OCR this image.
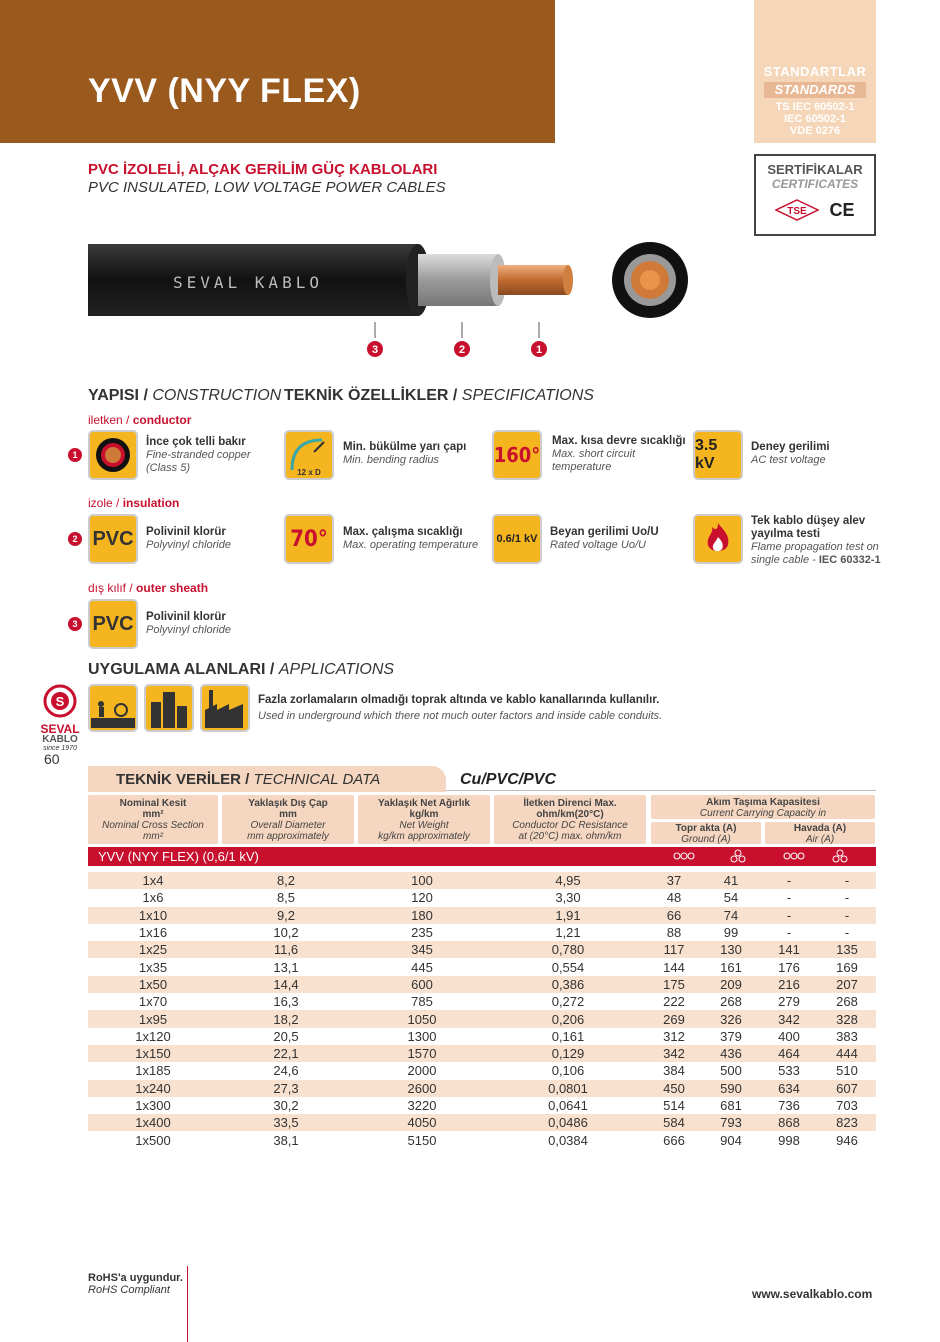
YVV (NYY FLEX)
STANDARTLAR
STANDARDS
TS IEC 60502-1
IEC 60502-1
VDE 0276
SERTİFİKALAR
CERTIFICATES
TSE CE
PVC İZOLELİ, ALÇAK GERİLİM GÜÇ KABLOLARI
PVC INSULATED, LOW VOLTAGE POWER CABLES
SEVAL KABLO
3	2	1
YAPISI / CONSTRUCTION TEKNİK ÖZELLİKLER / SPECIFICATIONS
iletken / conductor
1
İnce çok telli bakır
Fine-stranded copper
(Class 5)
izole / insulation
2 PVC Polivinil klorür
Polyvinyl chloride
dış kılıf / outer sheath
3 PVC Polivinil klorür
Polyvinyl chloride
12 x D
Min. bükülme yarı çapı
Min. bending radius	160°
Max. kısa devre sıcaklığı
Max. short circuit
temperature
3.5 kV
Deney gerilimi
AC test voltage
70° Max. çalışma sıcaklığı
Max. operating temperature 0.6/1 kV
Beyan gerilimi Uo/U
Rated voltage Uo/U
Tek kablo düşey alev
yayılma testi
Flame propagation test on
single cable - IEC 60332-1
UYGULAMA ALANLARI / APPLICATIONS
Fazla zorlamaların olmadığı toprak altında ve kablo kanallarında kullanılır.
Used in underground which there not much outer factors and inside cable conduits.
S
SEVAL
KABLO
since 1970
60
TEKNİK VERİLER / TECHNICAL DATA	Cu/PVC/PVC
Nominal Kesit
mm²
Nominal Cross Section
mm²
Yaklaşık Dış Çap
mm
Overall Diameter
mm approximately
Yaklaşık Net Ağırlık
kg/km
Net Weight
kg/km approximately
İletken Direnci Max.
ohm/km(20°C)
Conductor DC Resistance
at (20°C) max. ohm/km
Akım Taşıma Kapasitesi
Current Carrying Capacity in
Topr akta (A)
Ground (A)
Havada (A)
Air (A)
YVV (NYY FLEX) (0,6/1 kV)
1x4	8,2	100	4,95	37	41	-	-
1x6	8,5	120	3,30	48	54	-	-
1x10	9,2	180	1,91	66	74	-	-
1x16	10,2	235	1,21	88	99	-	-
1x25	11,6	345	0,780	117	130	141	135
1x35	13,1	445	0,554	144	161	176	169
1x50	14,4	600	0,386	175	209	216	207
1x70	16,3	785	0,272	222	268	279	268
1x95	18,2	1050	0,206	269	326	342	328
1x120	20,5	1300	0,161	312	379	400	383
1x150	22,1	1570	0,129	342	436	464	444
1x185	24,6	2000	0,106	384	500	533	510
1x240	27,3	2600	0,0801	450	590	634	607
1x300	30,2	3220	0,0641	514	681	736	703
1x400	33,5	4050	0,0486	584	793	868	823
1x500	38,1	5150	0,0384	666	904	998	946
RoHS'a uygundur.
RoHS Compliant	www.sevalkablo.com
